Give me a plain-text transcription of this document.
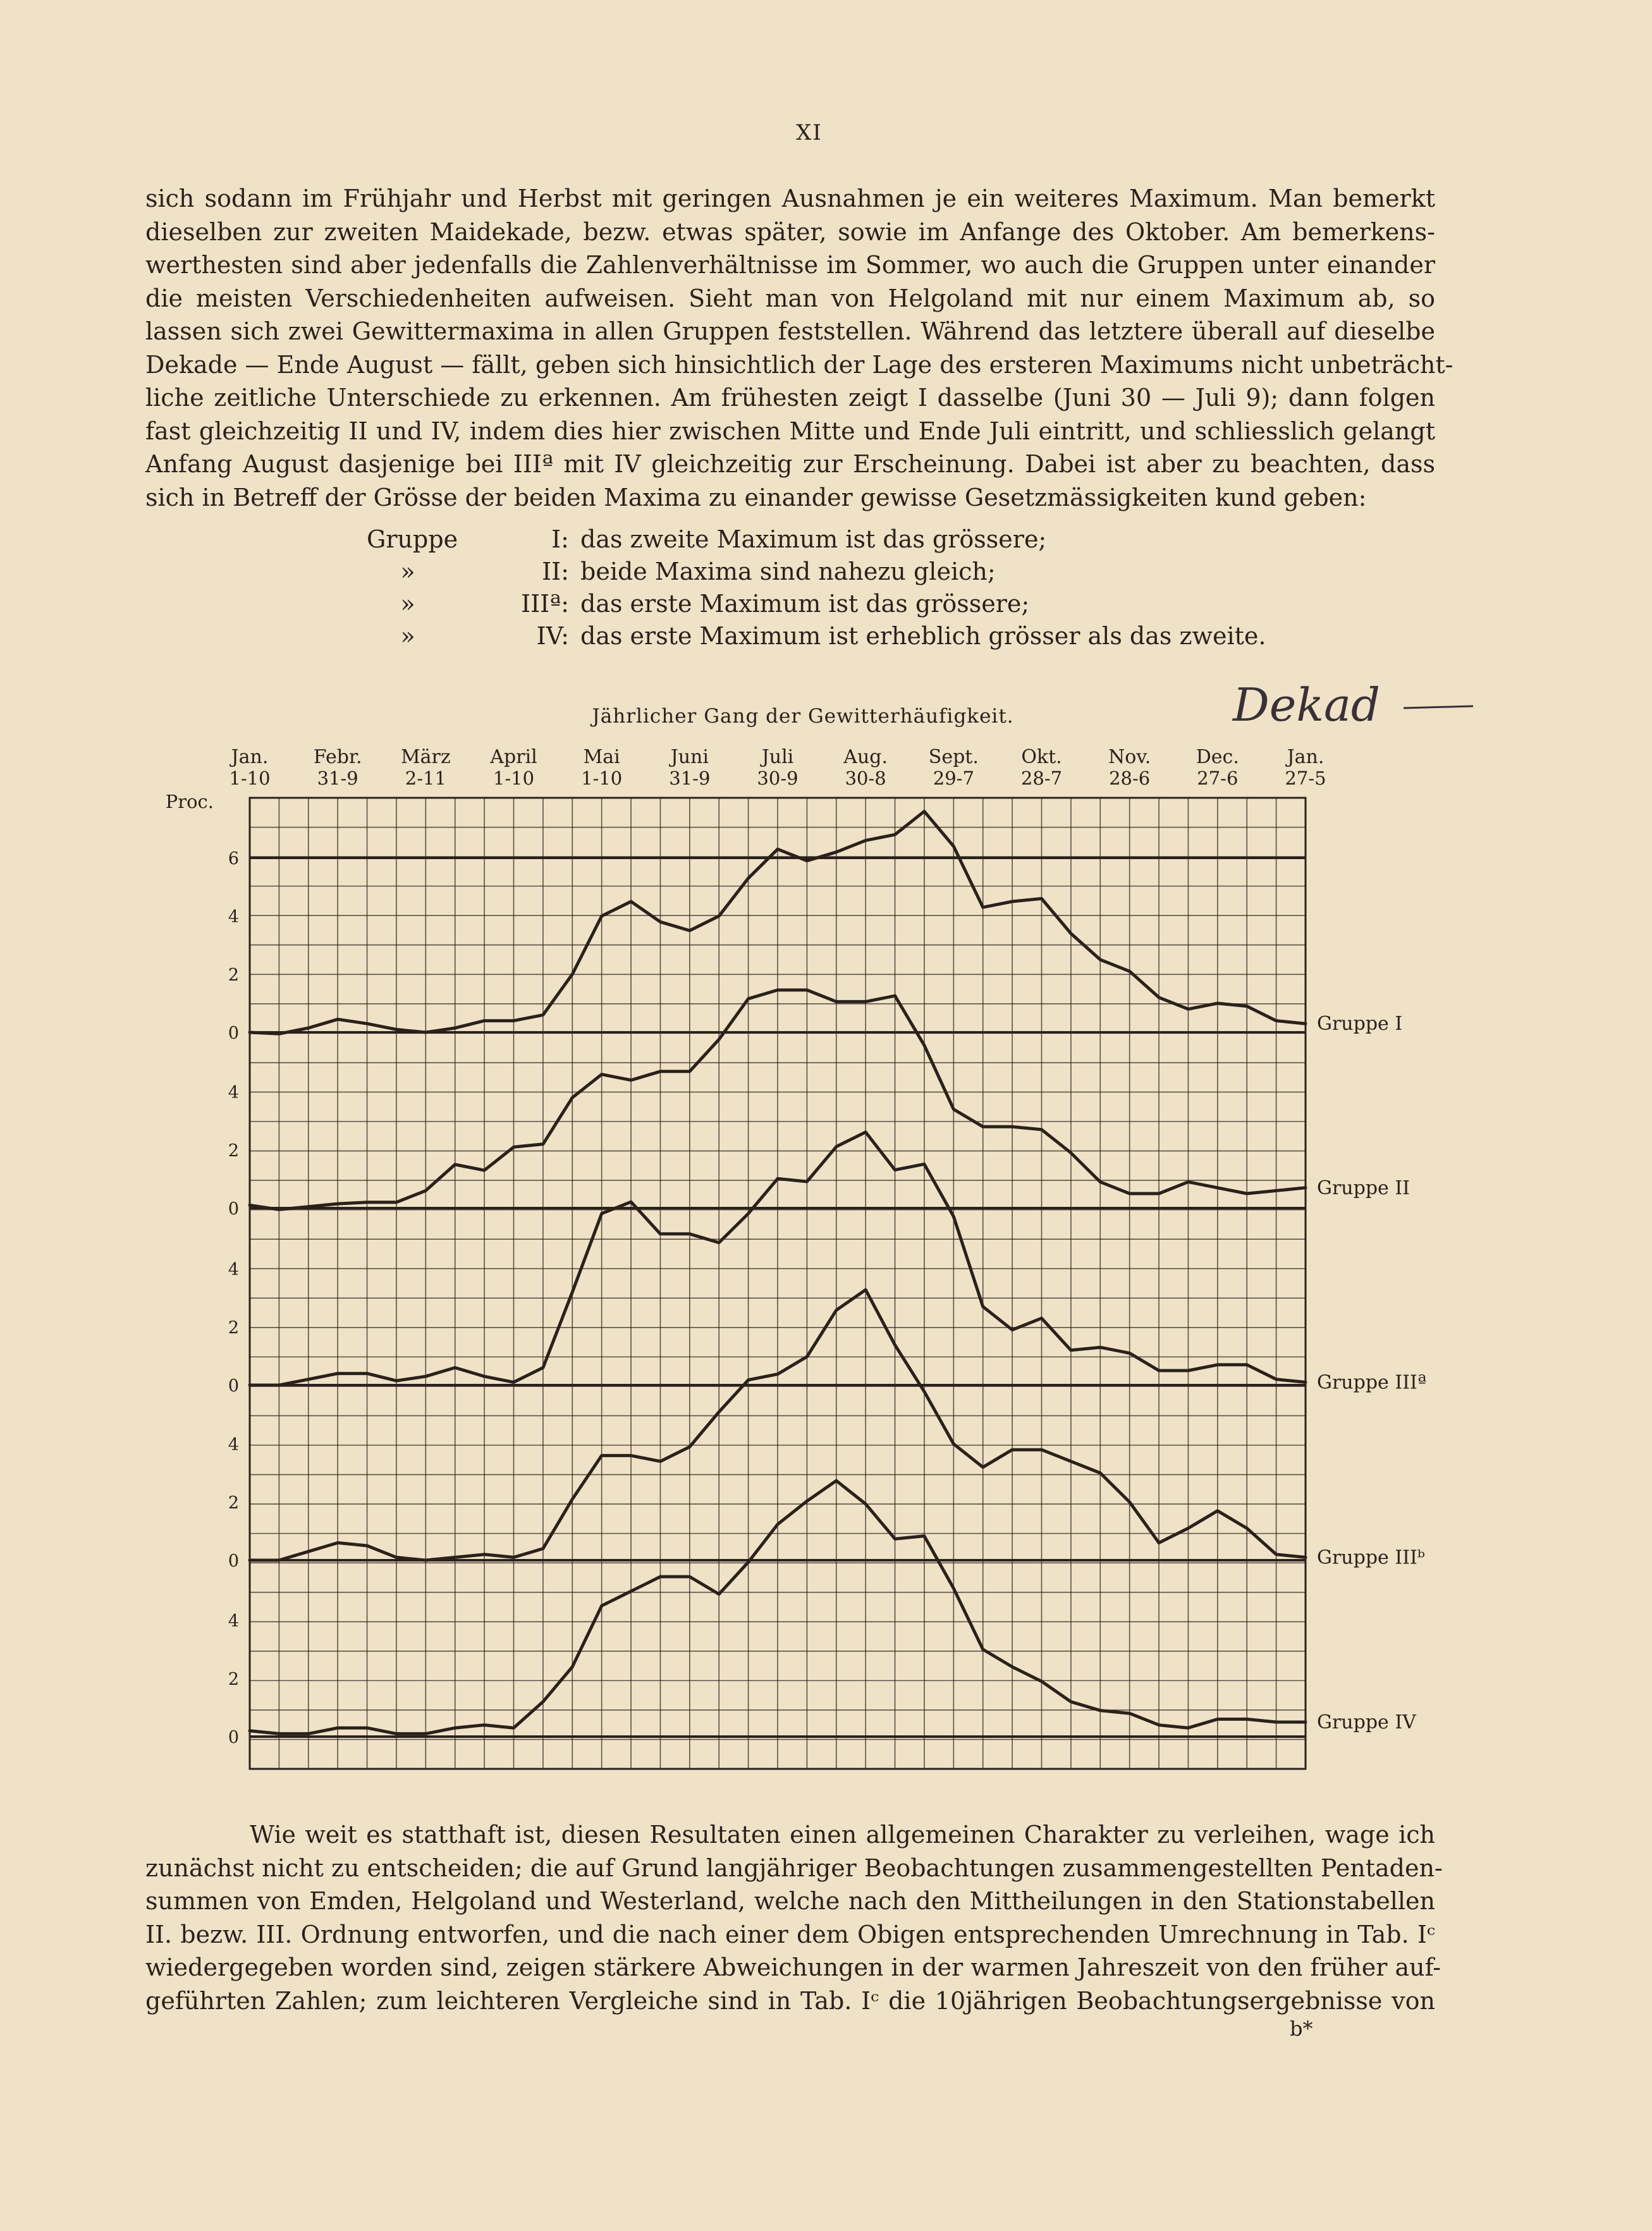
XI
sich sodann im Frühjahr und Herbst mit geringen Ausnahmen je ein weiteres Maximum. Man bemerkt
dieselben zur zweiten Maidekade, bezw. etwas später, sowie im Anfange des Oktober. Am bemerkens-
werthesten sind aber jedenfalls die Zahlenverhältnisse im Sommer, wo auch die Gruppen unter einander
die meisten Verschiedenheiten aufweisen. Sieht man von Helgoland mit nur einem Maximum ab, so
lassen sich zwei Gewittermaxima in allen Gruppen feststellen. Während das letztere überall auf dieselbe
Dekade — Ende August — fällt, geben sich hinsichtlich der Lage des ersteren Maximums nicht unbeträcht-
liche zeitliche Unterschiede zu erkennen. Am frühesten zeigt I dasselbe (Juni 30 — Juli 9); dann folgen
fast gleichzeitig II und IV, indem dies hier zwischen Mitte und Ende Juli eintritt, und schliesslich gelangt
Anfang August dasjenige bei IIIª mit IV gleichzeitig zur Erscheinung. Dabei ist aber zu beachten, dass
sich in Betreff der Grösse der beiden Maxima zu einander gewisse Gesetzmässigkeiten kund geben:
Gruppe	I: das zweite Maximum ist das grössere;
»	II: beide Maxima sind nahezu gleich;
»	IIIª: das erste Maximum ist das grössere;
»	IV: das erste Maximum ist erheblich grösser als das zweite.
Jährlicher Gang der Gewitterhäufigkeit.	Dekad
Proc.
Jan.
1-10
Febr.
31-9
März
2-11
April
1-10
Mai
1-10
Juni
31-9
Juli
30-9
Aug.
30-8
Sept.
29-7
Okt.
28-7
Nov.
28-6
Dec.
27-6
Jan.
27-5
6
4
2
0
4
2
0
4
2
0
4
2
0
4
2
0
Gruppe I
Gruppe II
Gruppe IIIª
Gruppe IIIᵇ
Gruppe IV
Wie weit es statthaft ist, diesen Resultaten einen allgemeinen Charakter zu verleihen, wage ich
zunächst nicht zu entscheiden; die auf Grund langjähriger Beobachtungen zusammengestellten Pentaden-
summen von Emden, Helgoland und Westerland, welche nach den Mittheilungen in den Stationstabellen
II. bezw. III. Ordnung entworfen, und die nach einer dem Obigen entsprechenden Umrechnung in Tab. Iᶜ
wiedergegeben worden sind, zeigen stärkere Abweichungen in der warmen Jahreszeit von den früher auf-
geführten Zahlen; zum leichteren Vergleiche sind in Tab. Iᶜ die 10jährigen Beobachtungsergebnisse von
b*
